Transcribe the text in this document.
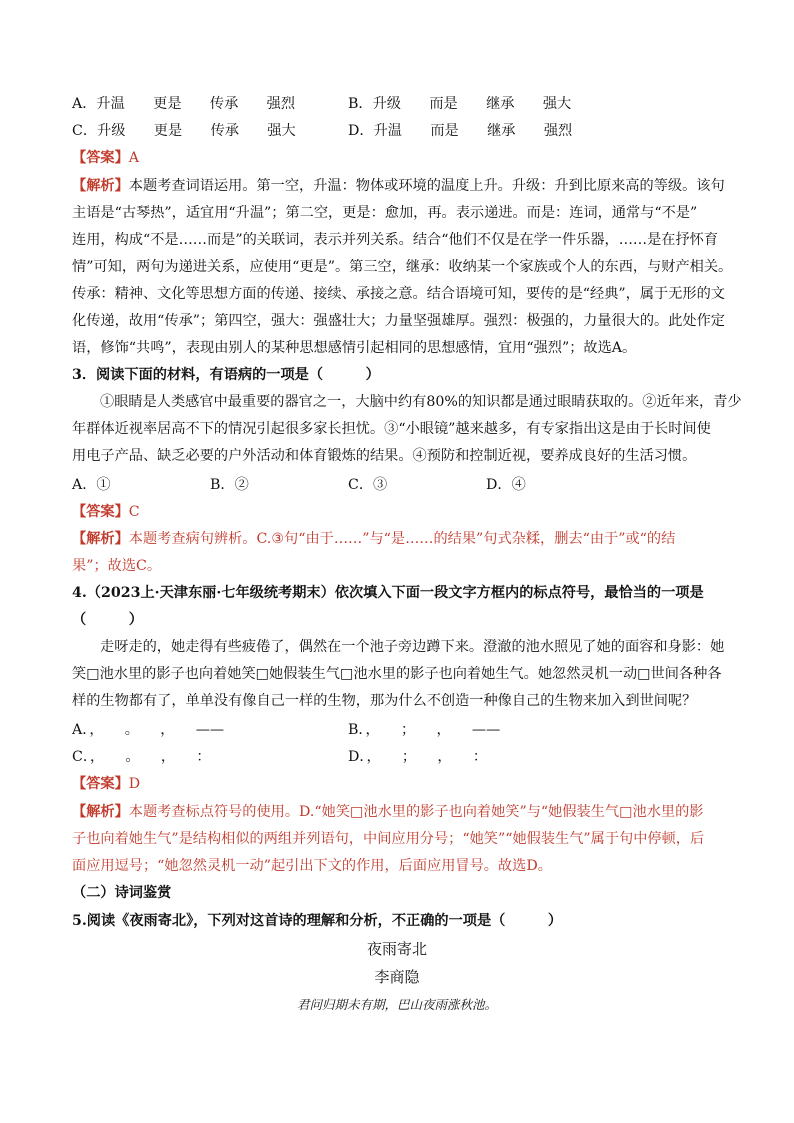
A．升温　　更是　　传承　　强烈	B．升级　　而是　　继承　　强大
C．升级　　更是　　传承　　强大	D．升温　　而是　　继承　　强烈
【答案】A
【解析】本题考查词语运用。第一空，升温：物体或环境的温度上升。升级：升到比原来高的等级。该句
主语是“古琴热”，适宜用“升温”；第二空，更是：愈加，再。表示递进。而是：连词，通常与“不是”
连用，构成“不是……而是”的关联词，表示并列关系。结合“他们不仅是在学一件乐器，……是在抒怀育
情”可知，两句为递进关系，应使用“更是”。第三空，继承：收纳某一个家族或个人的东西，与财产相关。
传承：精神、文化等思想方面的传递、接续、承接之意。结合语境可知，要传的是“经典”，属于无形的文
化传递，故用“传承”；第四空，强大：强盛壮大；力量坚强雄厚。强烈：极强的，力量很大的。此处作定
语，修饰“共鸣”，表现由别人的某种思想感情引起相同的思想感情，宜用“强烈”；故选A。
3．阅读下面的材料，有语病的一项是（　　　）
①眼睛是人类感官中最重要的器官之一，大脑中约有80%的知识都是通过眼睛获取的。②近年来，青少
年群体近视率居高不下的情况引起很多家长担忧。③“小眼镜”越来越多，有专家指出这是由于长时间使
用电子产品、缺乏必要的户外活动和体育锻炼的结果。④预防和控制近视，要养成良好的生活习惯。
A．①	B．②	C．③	D．④
【答案】C
【解析】本题考查病句辨析。C.③句“由于……”与“是……的结果”句式杂糅，删去“由于”或“的结
果”；故选C。
4.（2023上·天津东丽·七年级统考期末）依次填入下面一段文字方框内的标点符号，最恰当的一项是
（　　　）
走呀走的，她走得有些疲倦了，偶然在一个池子旁边蹲下来。澄澈的池水照见了她的面容和身影：她
笑□池水里的影子也向着她笑□她假装生气□池水里的影子也向着她生气。她忽然灵机一动□世间各种各
样的生物都有了，单单没有像自己一样的生物，那为什么不创造一种像自己的生物来加入到世间呢？
A．，　　。　　，　　——	B．，　　；　　，　　——
C．，　　。　　，　　：	D．，　　；　　，　　：
【答案】D
【解析】本题考查标点符号的使用。D.“她笑□池水里的影子也向着她笑”与“她假装生气□池水里的影
子也向着她生气”是结构相似的两组并列语句，中间应用分号；“她笑”“她假装生气”属于句中停顿，后
面应用逗号；“她忽然灵机一动”起引出下文的作用，后面应用冒号。故选D。
（二）诗词鉴赏
5.阅读《夜雨寄北》，下列对这首诗的理解和分析，不正确的一项是（　　　）
夜雨寄北
李商隐
君问归期未有期，巴山夜雨涨秋池。
